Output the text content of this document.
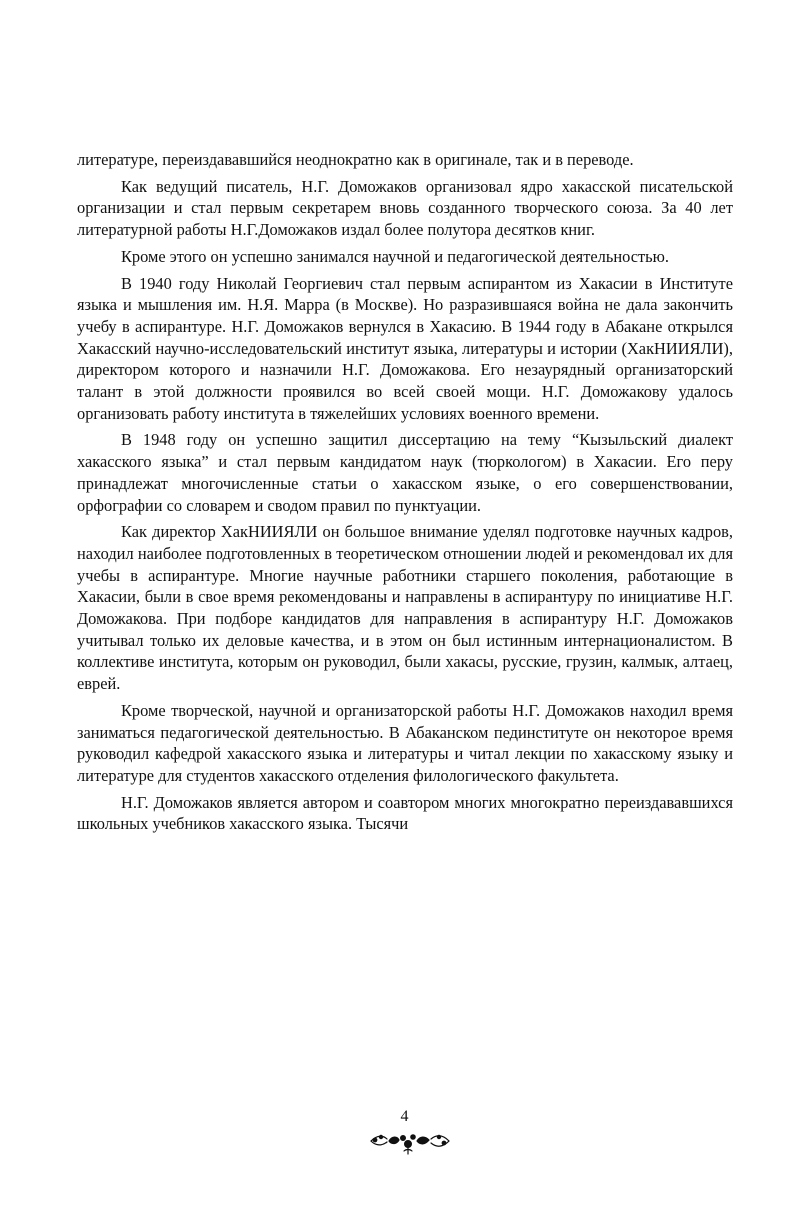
литературе, переиздававшийся неоднократно как в оригинале, так и в переводе.

Как ведущий писатель, Н.Г. Доможаков организовал ядро хакасской писательской организации и стал первым секретарем вновь созданного творческого союза. За 40 лет литературной работы Н.Г.Доможаков издал более полутора десятков книг.

Кроме этого он успешно занимался научной и педагогической деятельностью.

В 1940 году Николай Георгиевич стал первым аспирантом из Хакасии в Институте языка и мышления им. Н.Я. Марра (в Москве). Но разразившаяся война не дала закончить учебу в аспирантуре. Н.Г. Доможаков вернулся в Хакасию. В 1944 году в Абакане открылся Хакасский научно-исследовательский институт языка, литературы и истории (ХакНИИЯЛИ), директором которого и назначили Н.Г. Доможакова. Его незаурядный организаторский талант в этой должности проявился во всей своей мощи. Н.Г. Доможакову удалось организовать работу института в тяжелейших условиях военного времени.

В 1948 году он успешно защитил диссертацию на тему “Кызыльский диалект хакасского языка” и стал первым кандидатом наук (тюркологом) в Хакасии. Его перу принадлежат многочисленные статьи о хакасском языке, о его совершенствовании, орфографии со словарем и сводом правил по пунктуации.

Как директор ХакНИИЯЛИ он большое внимание уделял подготовке научных кадров, находил наиболее подготовленных в теоретическом отношении людей и рекомендовал их для учебы в аспирантуре. Многие научные работники старшего поколения, работающие в Хакасии, были в свое время рекомендованы и направлены в аспирантуру по инициативе Н.Г. Доможакова. При подборе кандидатов для направления в аспирантуру Н.Г. Доможаков учитывал только их деловые качества, и в этом он был истинным интернационалистом. В коллективе института, которым он руководил, были хакасы, русские, грузин, калмык, алтаец, еврей.

Кроме творческой, научной и организаторской работы Н.Г. Доможаков находил время заниматься педагогической деятельностью. В Абаканском пединституте он некоторое время руководил кафедрой хакасского языка и литературы и читал лекции по хакасскому языку и литературе для студентов хакасского отделения филологического факультета.

Н.Г. Доможаков является автором и соавтором многих многократно переиздававшихся школьных учебников хакасского языка. Тысячи

4
